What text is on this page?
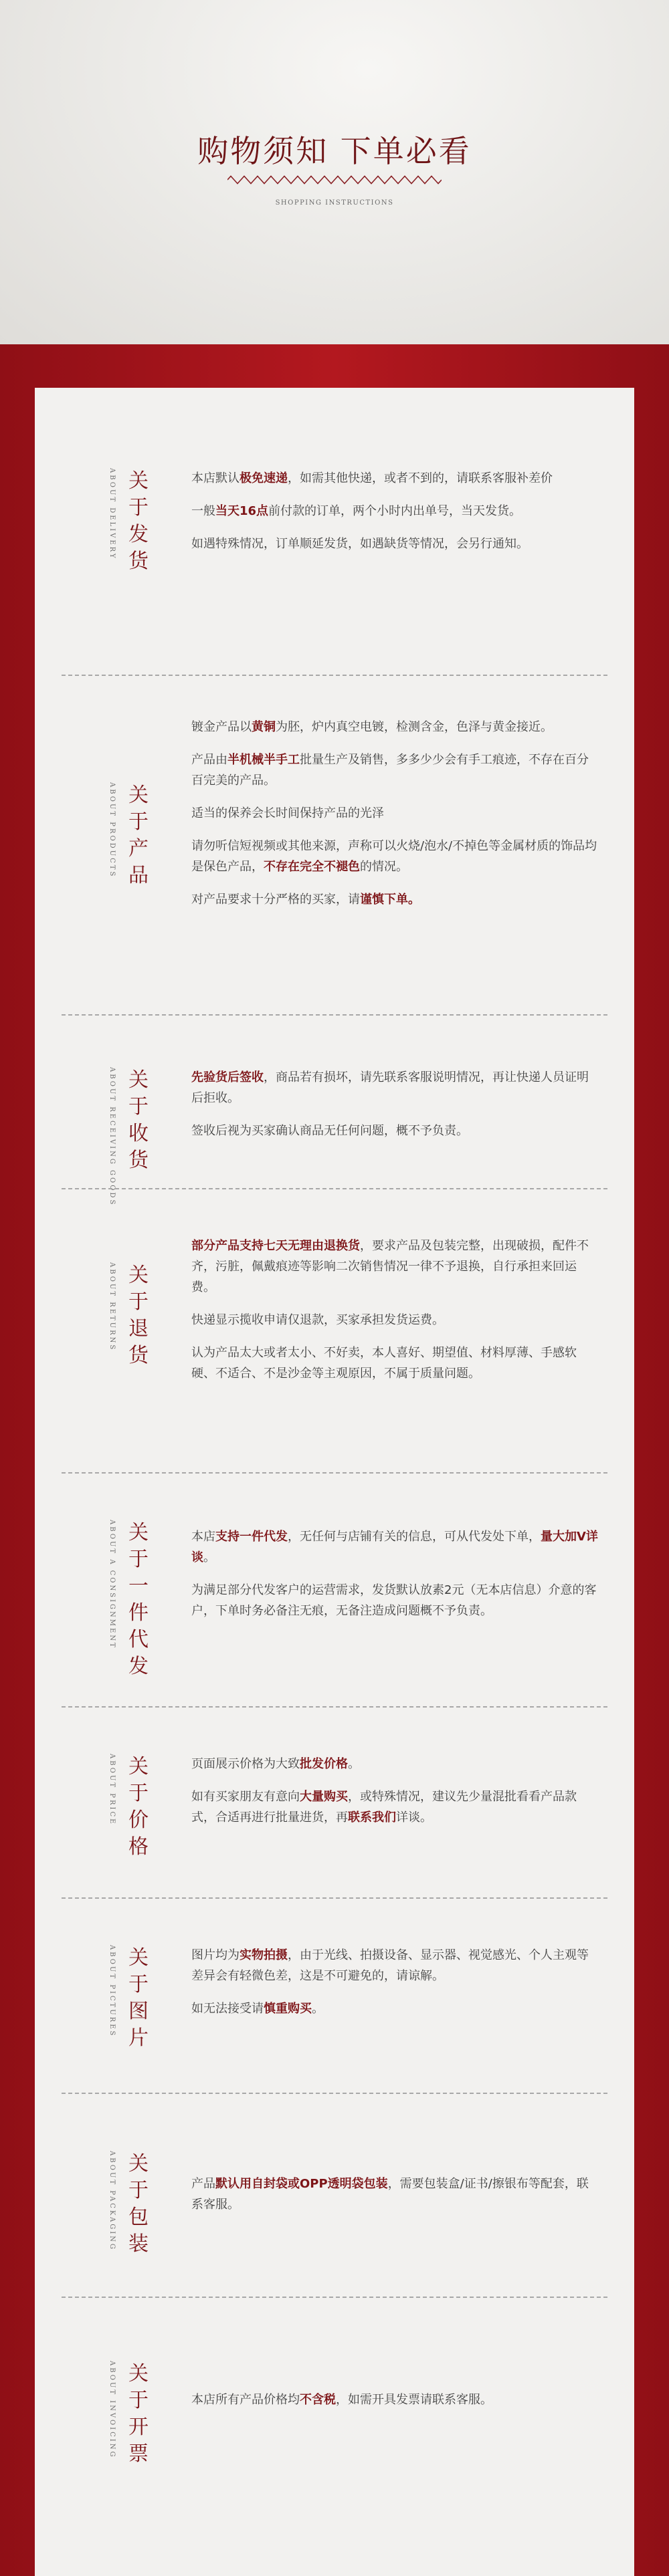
购物须知 下单必看
SHOPPING INSTRUCTIONS
ABOUT DELIVERY 关
于
发
货

本店默认极免速递，如需其他快递，或者不到的，请联系客服补差价

一般当天16点前付款的订单，两个小时内出单号，当天发货。

如遇特殊情况，订单顺延发货，如遇缺货等情况，会另行通知。

ABOUT PRODUCTS 关
于
产
品

镀金产品以黄铜为胚，炉内真空电镀，检测含金，色泽与黄金接近。

产品由半机械半手工批量生产及销售，多多少少会有手工痕迹，不存在百分百完美的产品。

适当的保养会长时间保持产品的光泽

请勿听信短视频或其他来源，声称可以火烧/泡水/不掉色等金属材质的饰品均是保色产品，不存在完全不褪色的情况。

对产品要求十分严格的买家，请谨慎下单。

ABOUT RECEIVING GOODS 关
于
收
货

先验货后签收，商品若有损坏，请先联系客服说明情况，再让快递人员证明后拒收。

签收后视为买家确认商品无任何问题，概不予负责。

ABOUT RETURNS 关
于
退
货

部分产品支持七天无理由退换货，要求产品及包装完整，出现破损，配件不齐，污脏，佩戴痕迹等影响二次销售情况一律不予退换，自行承担来回运费。

快递显示揽收申请仅退款，买家承担发货运费。

认为产品太大或者太小、不好卖，本人喜好、期望值、材料厚薄、手感软硬、不适合、不是沙金等主观原因，不属于质量问题。

ABOUT A CONSIGNMENT 关
于
一
件
代
发

本店支持一件代发，无任何与店铺有关的信息，可从代发处下单，量大加V详谈。

为满足部分代发客户的运营需求，发货默认放素2元（无本店信息）介意的客户，下单时务必备注无痕，无备注造成问题概不予负责。

ABOUT PRICE 关
于
价
格

页面展示价格为大致批发价格。

如有买家朋友有意向大量购买，或特殊情况，建议先少量混批看看产品款式，合适再进行批量进货，再联系我们详谈。

ABOUT PICTURES 关
于
图
片

图片均为实物拍摄，由于光线、拍摄设备、显示器、视觉感光、个人主观等差异会有轻微色差，这是不可避免的，请谅解。

如无法接受请慎重购买。

ABOUT PACKAGING 关
于
包
装

产品默认用自封袋或OPP透明袋包装，需要包装盒/证书/擦银布等配套，联系客服。

ABOUT INVOICING 关
于
开
票

本店所有产品价格均不含税，如需开具发票请联系客服。
